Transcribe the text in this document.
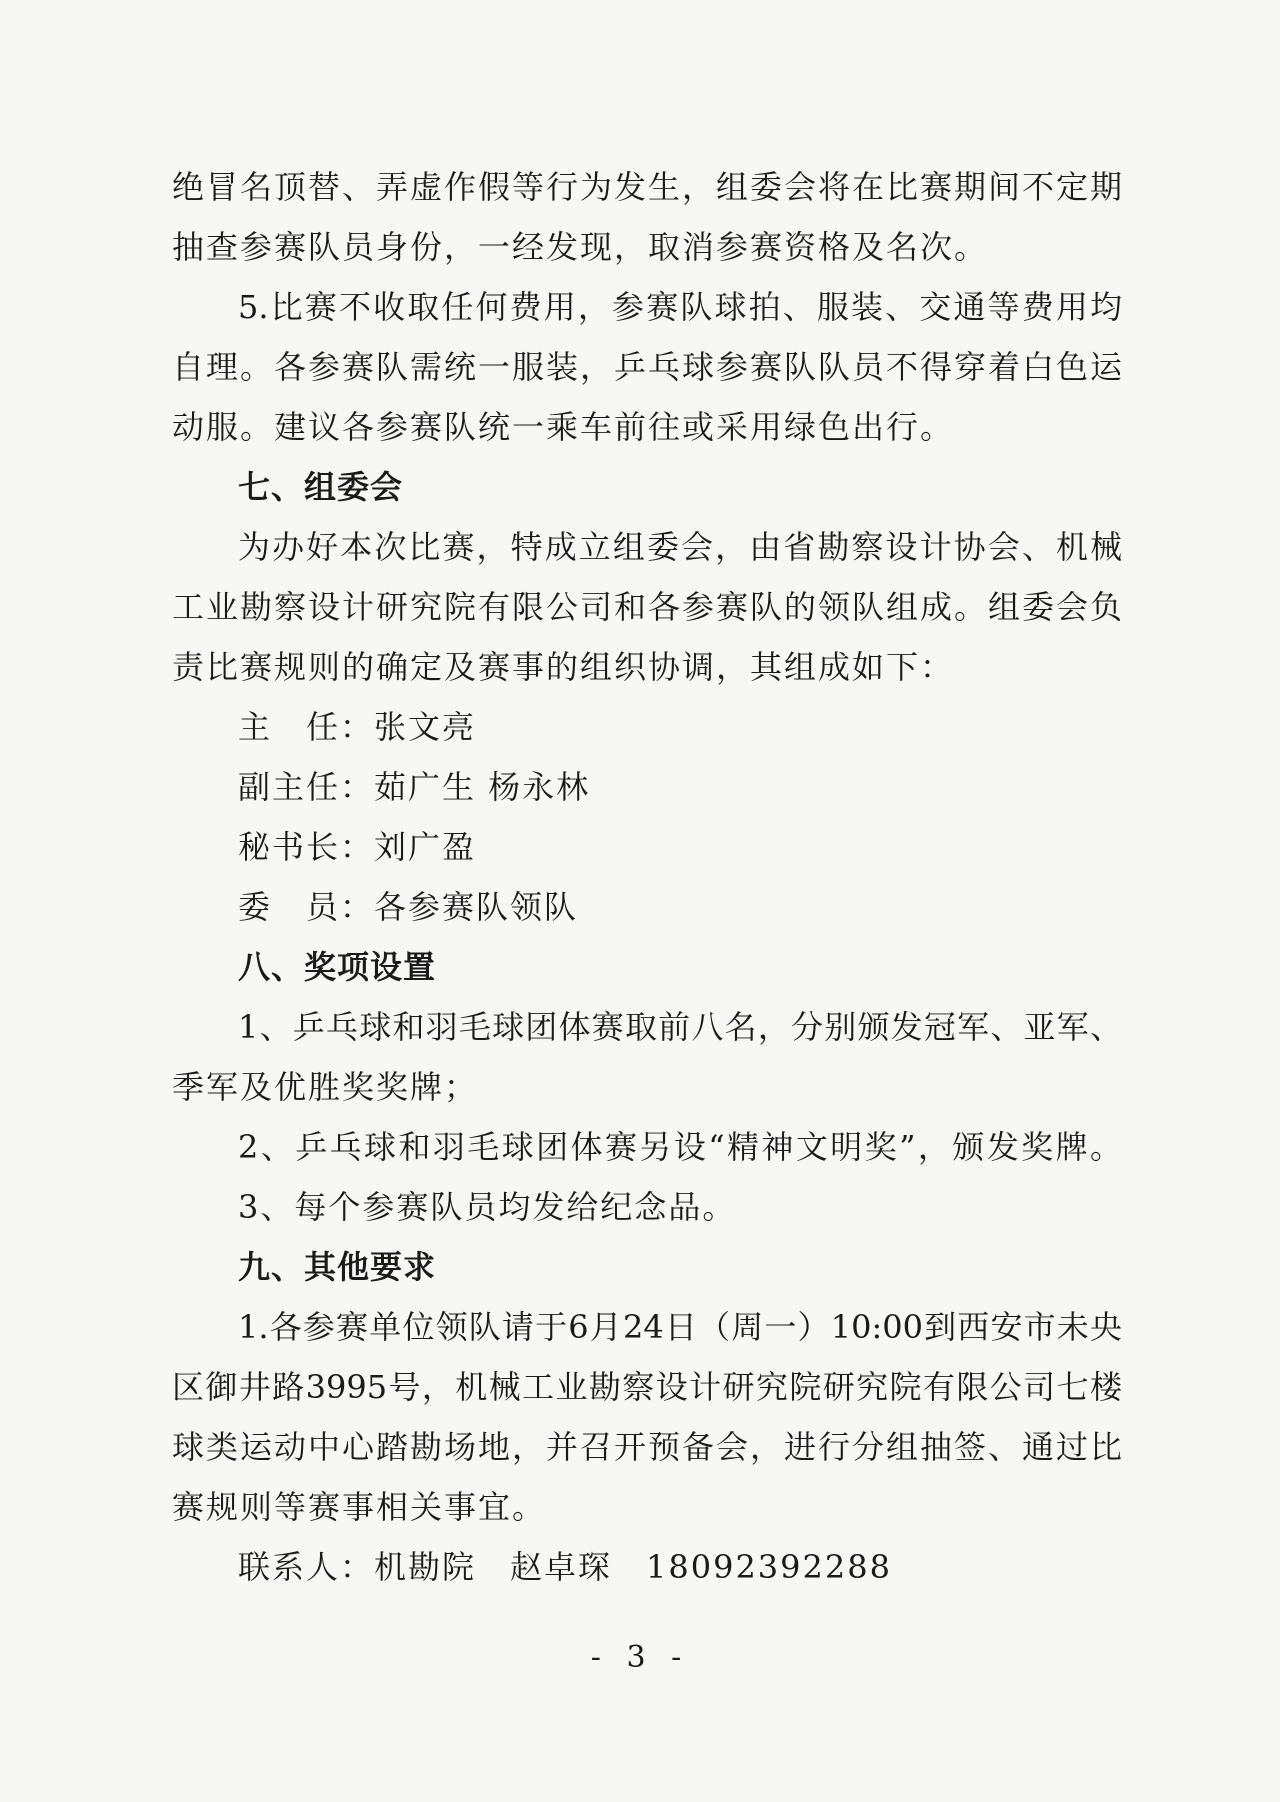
绝冒名顶替、弄虚作假等行为发生，组委会将在比赛期间不定期
抽查参赛队员身份，一经发现，取消参赛资格及名次。
5.比赛不收取任何费用，参赛队球拍、服装、交通等费用均
自理。各参赛队需统一服装，乒乓球参赛队队员不得穿着白色运
动服。建议各参赛队统一乘车前往或采用绿色出行。
七、组委会
为办好本次比赛，特成立组委会，由省勘察设计协会、机械
工业勘察设计研究院有限公司和各参赛队的领队组成。组委会负
责比赛规则的确定及赛事的组织协调，其组成如下：
主　任：张文亮
副主任：茹广生 杨永林
秘书长：刘广盈
委　员：各参赛队领队
八、奖项设置
1、乒乓球和羽毛球团体赛取前八名，分别颁发冠军、亚军、
季军及优胜奖奖牌；
2、乒乓球和羽毛球团体赛另设“精神文明奖”，颁发奖牌。
3、每个参赛队员均发给纪念品。
九、其他要求
1.各参赛单位领队请于6月24日（周一）10:00到西安市未央
区御井路3995号，机械工业勘察设计研究院研究院有限公司七楼
球类运动中心踏勘场地，并召开预备会，进行分组抽签、通过比
赛规则等赛事相关事宜。
联系人：机勘院　赵卓琛　18092392288
- 3 -
